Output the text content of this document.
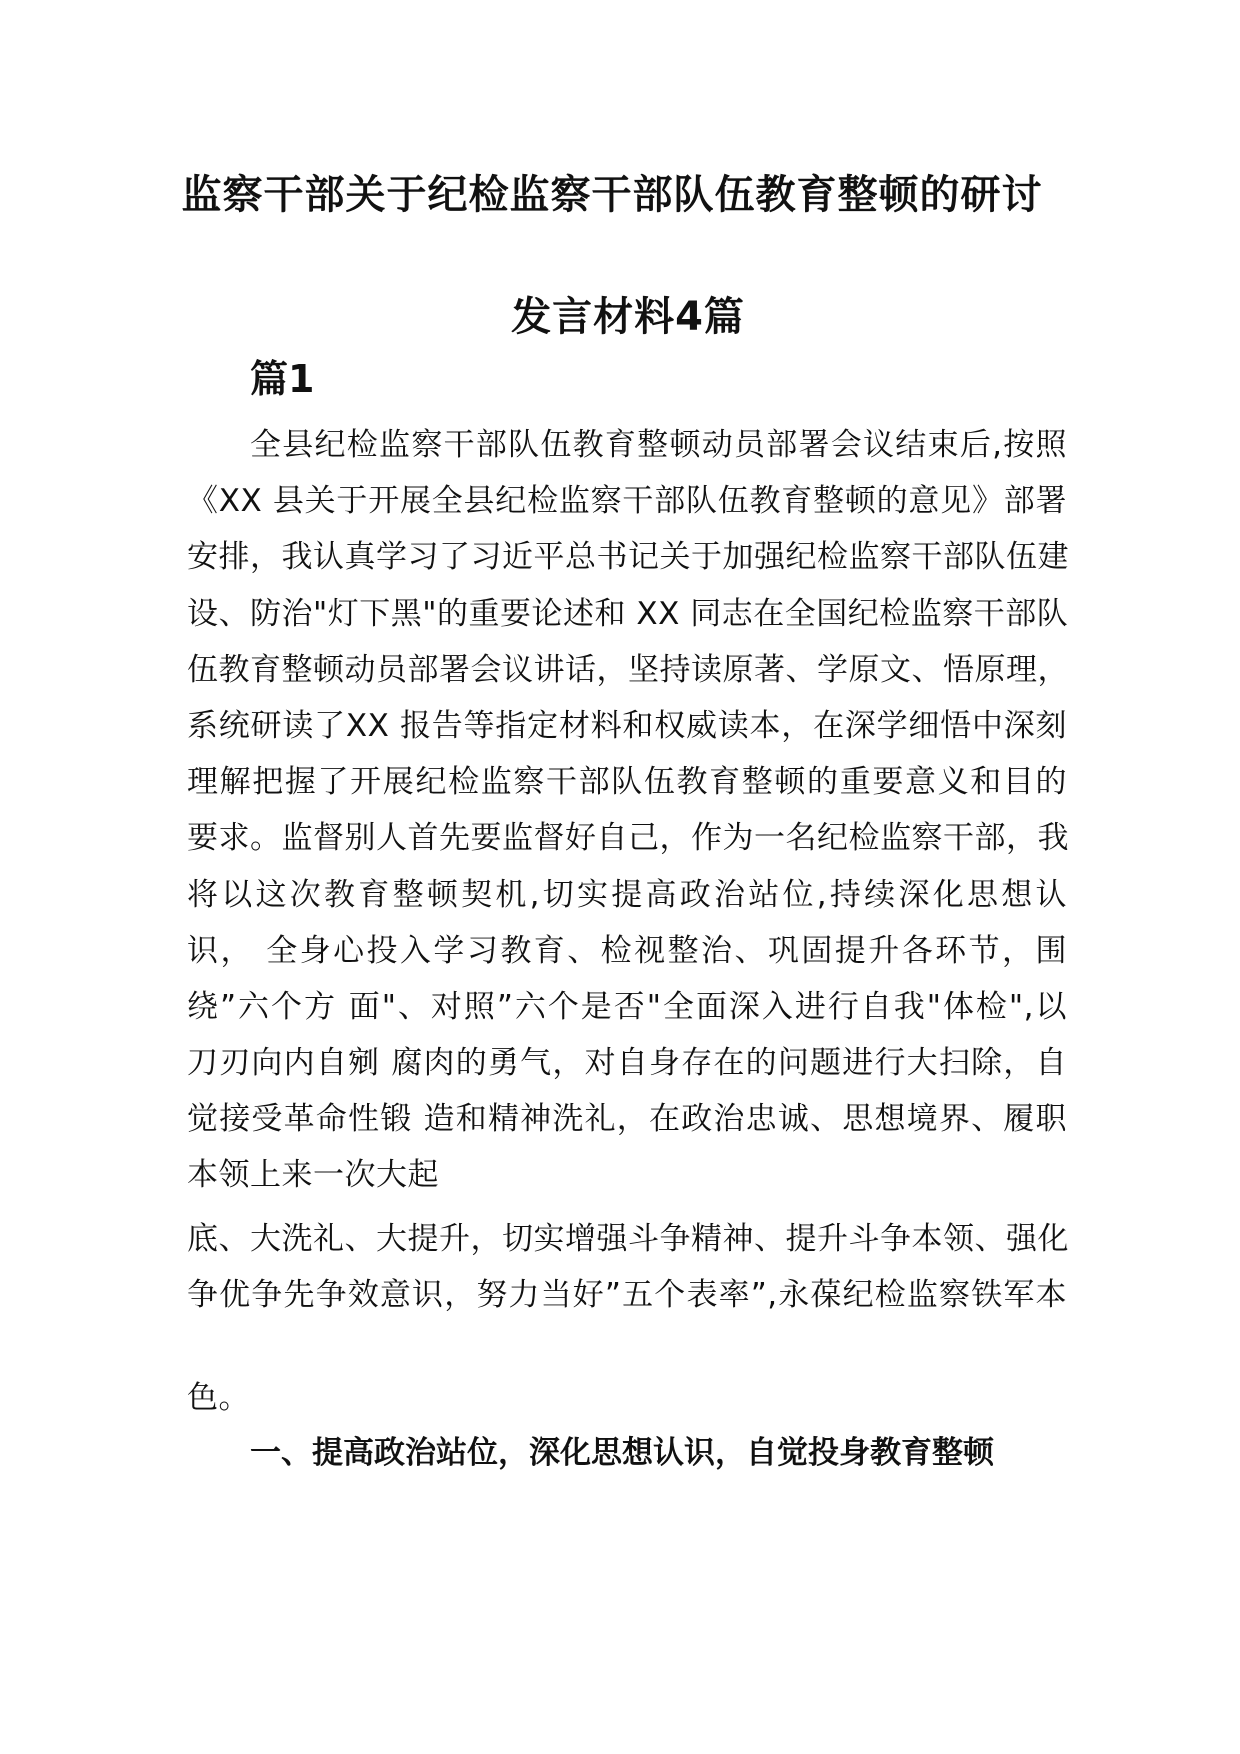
监察干部关于纪检监察干部队伍教育整顿的研讨
发言材料4篇
篇1
全县纪检监察干部队伍教育整顿动员部署会议结束后,按照
《XX 县关于开展全县纪检监察干部队伍教育整顿的意见》部署
安排，我认真学习了习近平总书记关于加强纪检监察干部队伍建
设、防治"灯下黑"的重要论述和 XX 同志在全国纪检监察干部队
伍教育整顿动员部署会议讲话，坚持读原著、学原文、悟原理，
系统研读了XX 报告等指定材料和权威读本，在深学细悟中深刻
理解把握了开展纪检监察干部队伍教育整顿的重要意义和目的
要求。监督别人首先要监督好自己，作为一名纪检监察干部，我
将以这次教育整顿契机,切实提高政治站位,持续深化思想认
识， 全身心投入学习教育、检视整治、巩固提升各环节，围
绕”六个方 面"、对照”六个是否"全面深入进行自我"体检",以
刀刃向内自剜 腐肉的勇气，对自身存在的问题进行大扫除，自
觉接受革命性锻 造和精神洗礼，在政治忠诚、思想境界、履职
本领上来一次大起
底、大洗礼、大提升，切实增强斗争精神、提升斗争本领、强化
争优争先争效意识，努力当好”五个表率”,永葆纪检监察铁军本
色。
一、提高政治站位，深化思想认识，自觉投身教育整顿
